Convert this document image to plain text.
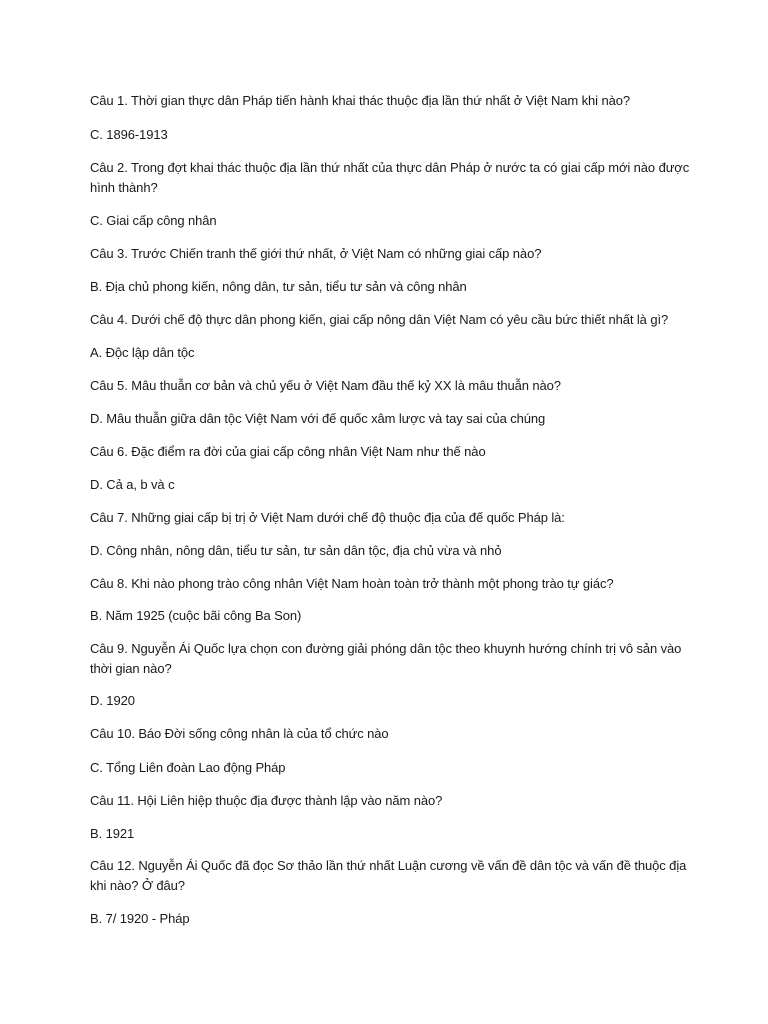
Câu 1. Thời gian thực dân Pháp tiến hành khai thác thuộc địa lần thứ nhất ở Việt Nam khi nào?
C. 1896-1913
Câu 2. Trong đợt khai thác thuộc địa lần thứ nhất của thực dân Pháp ở nước ta có giai cấp mới nào được hình thành?
C. Giai cấp công nhân
Câu 3. Trước Chiến tranh thế giới thứ nhất, ở Việt Nam có những giai cấp nào?
B. Địa chủ phong kiến, nông dân, tư sản, tiểu tư sản và công nhân
Câu 4. Dưới chế độ thực dân phong kiến, giai cấp nông dân Việt Nam có yêu cầu bức thiết nhất là gì?
A. Độc lập dân tộc
Câu 5. Mâu thuẫn cơ bản và chủ yếu ở Việt Nam đầu thế kỷ XX là mâu thuẫn nào?
D. Mâu thuẫn giữa dân tộc Việt Nam với đế quốc xâm lược và tay sai của chúng
Câu 6. Đặc điểm ra đời của giai cấp công nhân Việt Nam như thế nào
D. Cả a, b và c
Câu 7. Những giai cấp bị trị ở Việt Nam dưới chế độ thuộc địa của đế quốc Pháp là:
D. Công nhân, nông dân, tiểu tư sản, tư sản dân tộc, địa chủ vừa và nhỏ
Câu 8. Khi nào phong trào công nhân Việt Nam hoàn toàn trở thành một phong trào tự giác?
B. Năm 1925 (cuộc bãi công Ba Son)
Câu 9. Nguyễn Ái Quốc lựa chọn con đường giải phóng dân tộc theo khuynh hướng chính trị vô sản vào thời gian nào?
D. 1920
Câu 10. Báo Đời sống công nhân là của tổ chức nào
C. Tổng Liên đoàn Lao động Pháp
Câu 11. Hội Liên hiệp thuộc địa được thành lập vào năm nào?
B. 1921
Câu 12. Nguyễn Ái Quốc đã đọc Sơ thảo lần thứ nhất Luận cương về vấn đề dân tộc và vấn đề thuộc địa khi nào? Ở đâu?
B. 7/ 1920 - Pháp
